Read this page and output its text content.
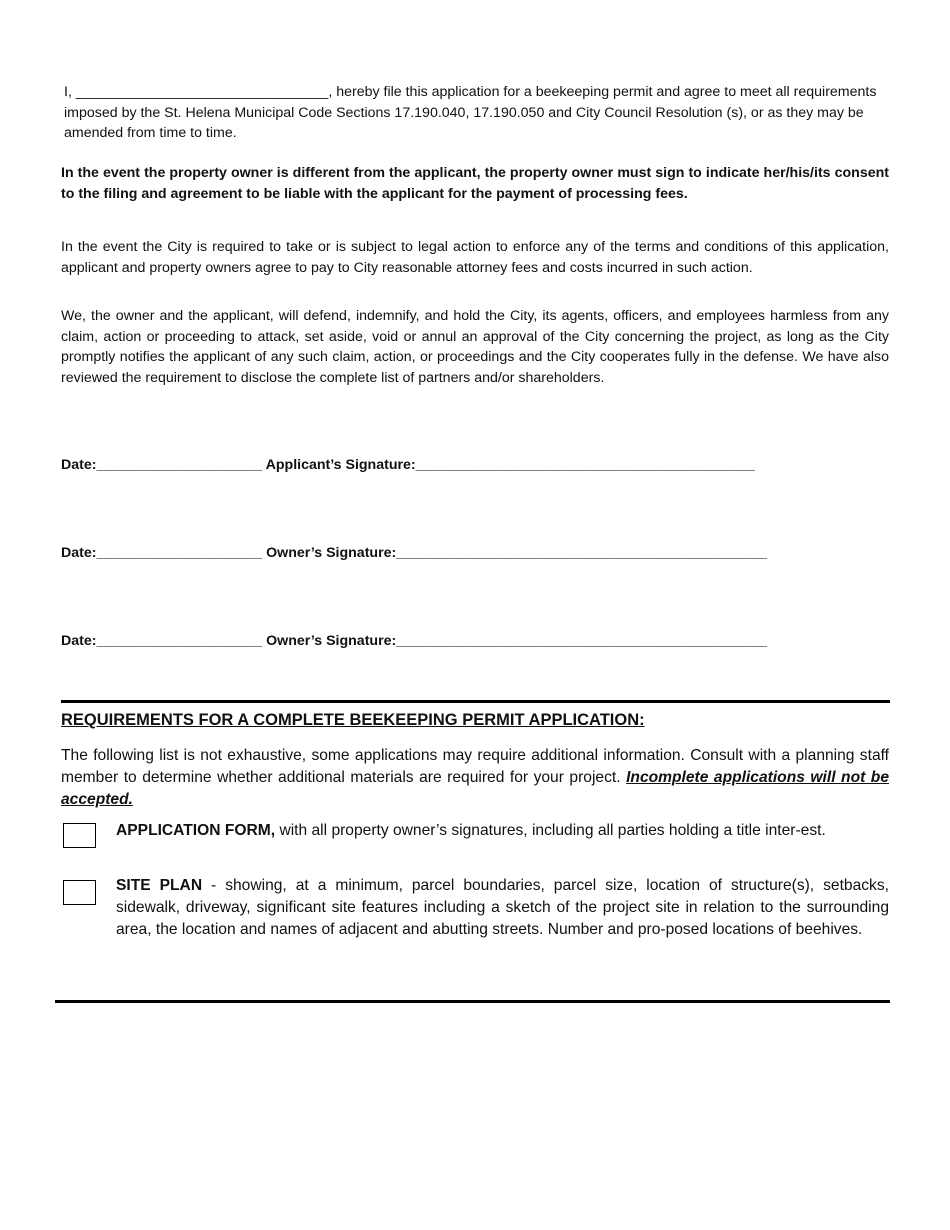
I, ________________________________, hereby file this application for a beekeeping permit and agree to meet all requirements imposed by the St. Helena Municipal Code Sections 17.190.040, 17.190.050 and City Council Resolution (s), or as they may be amended from time to time.

In the event the property owner is different from the applicant, the property owner must sign to indicate her/his/its consent to the filing and agreement to be liable with the applicant for the payment of processing fees.

In the event the City is required to take or is subject to legal action to enforce any of the terms and conditions of this application, applicant and property owners agree to pay to City reasonable attorney fees and costs incurred in such action.

We, the owner and the applicant, will defend, indemnify, and hold the City, its agents, officers, and employees harmless from any claim, action or proceeding to attack, set aside, void or annul an approval of the City concerning the project, as long as the City promptly notifies the applicant of any such claim, action, or proceedings and the City cooperates fully in the defense. We have also reviewed the requirement to disclose the complete list of partners and/or shareholders.

Date:_____________________ Applicant’s Signature:___________________________________________
Date:_____________________ Owner’s Signature:_______________________________________________
Date:_____________________ Owner’s Signature:_______________________________________________
REQUIREMENTS FOR A COMPLETE BEEKEEPING PERMIT APPLICATION:

The following list is not exhaustive, some applications may require additional information. Consult with a planning staff member to determine whether additional materials are required for your project. Incomplete applications will not be accepted.

APPLICATION FORM, with all property owner’s signatures, including all parties holding a title inter-est.

SITE PLAN - showing, at a minimum, parcel boundaries, parcel size, location of structure(s), setbacks, sidewalk, driveway, significant site features including a sketch of the project site in relation to the surrounding area, the location and names of adjacent and abutting streets. Number and pro-posed locations of beehives.
